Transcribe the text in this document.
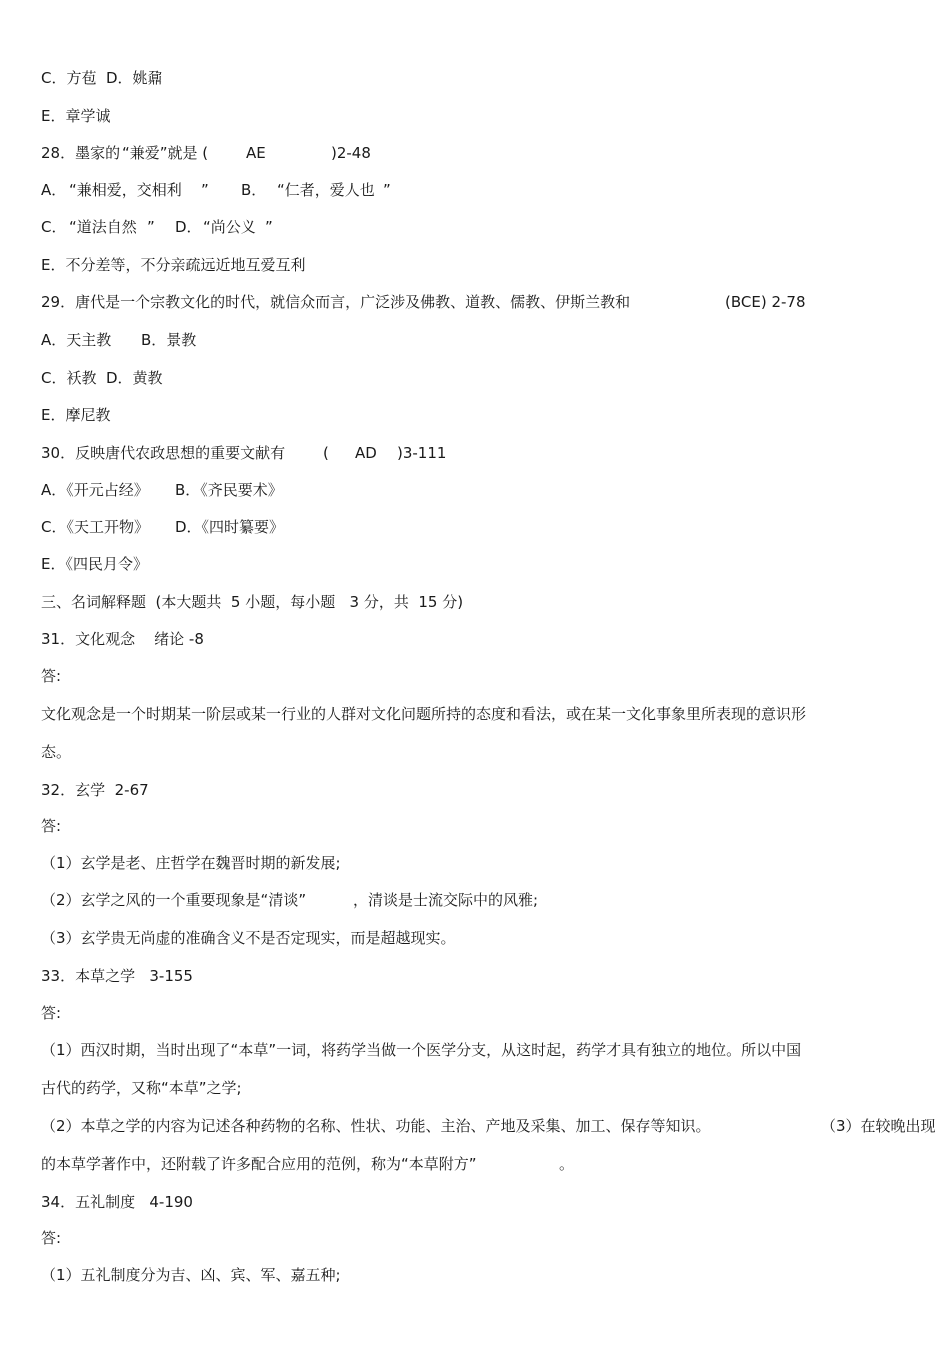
C．方苞  D．姚鼐
E．章学诚

28．墨家的

“兼爱”就是 (

	AE

	)2-48

A．

“兼相爱，交相利

”

B．

“仁者，爱人也

”

C．

“道法自然

”

D．

“尚公义

”

E．不分差等，不分亲疏远近地互爱互利

29．唐代是一个宗教文化的时代，就信众而言，广泛涉及佛教、道教、儒教、伊斯兰教和

	(BCE) 2-78

A．天主教

B．景教

C．袄教  D．黄教
E．摩尼教

30．反映唐代农政思想的重要文献有

	(

AD

)3-111

A．《开元占经》

B．《齐民要术》

C．《天工开物》

D．《四时纂要》

E．《四民月令》
三、名词解释题  (本大题共  5 小题，每小题   3 分，共  15 分)
31．文化观念    绪论 -8
答:
文化观念是一个时期某一阶层或某一行业的人群对文化问题所持的态度和看法，或在某一文化事象里所表现的意识形
态。
32．玄学  2-67
答:
（1）玄学是老、庄哲学在魏晋时期的新发展;

（2）玄学之风的一个重要现象是“清谈”

	，清谈是士流交际中的风雅;

（3）玄学贵无尚虚的准确含义不是否定现实，而是超越现实。
33．本草之学   3-155
答:
（1）西汉时期，当时出现了“本草”一词，将药学当做一个医学分支，从这时起，药学才具有独立的地位。所以中国
古代的药学，又称“本草”之学;

（2）本草之学的内容为记述各种药物的名称、性状、功能、主治、产地及采集、加工、保存等知识。

	（3）在较晚出现

的本草学著作中，还附载了许多配合应用的范例，称为“本草附方”

	。

34．五礼制度   4-190
答:
（1）五礼制度分为吉、凶、宾、军、嘉五种;
